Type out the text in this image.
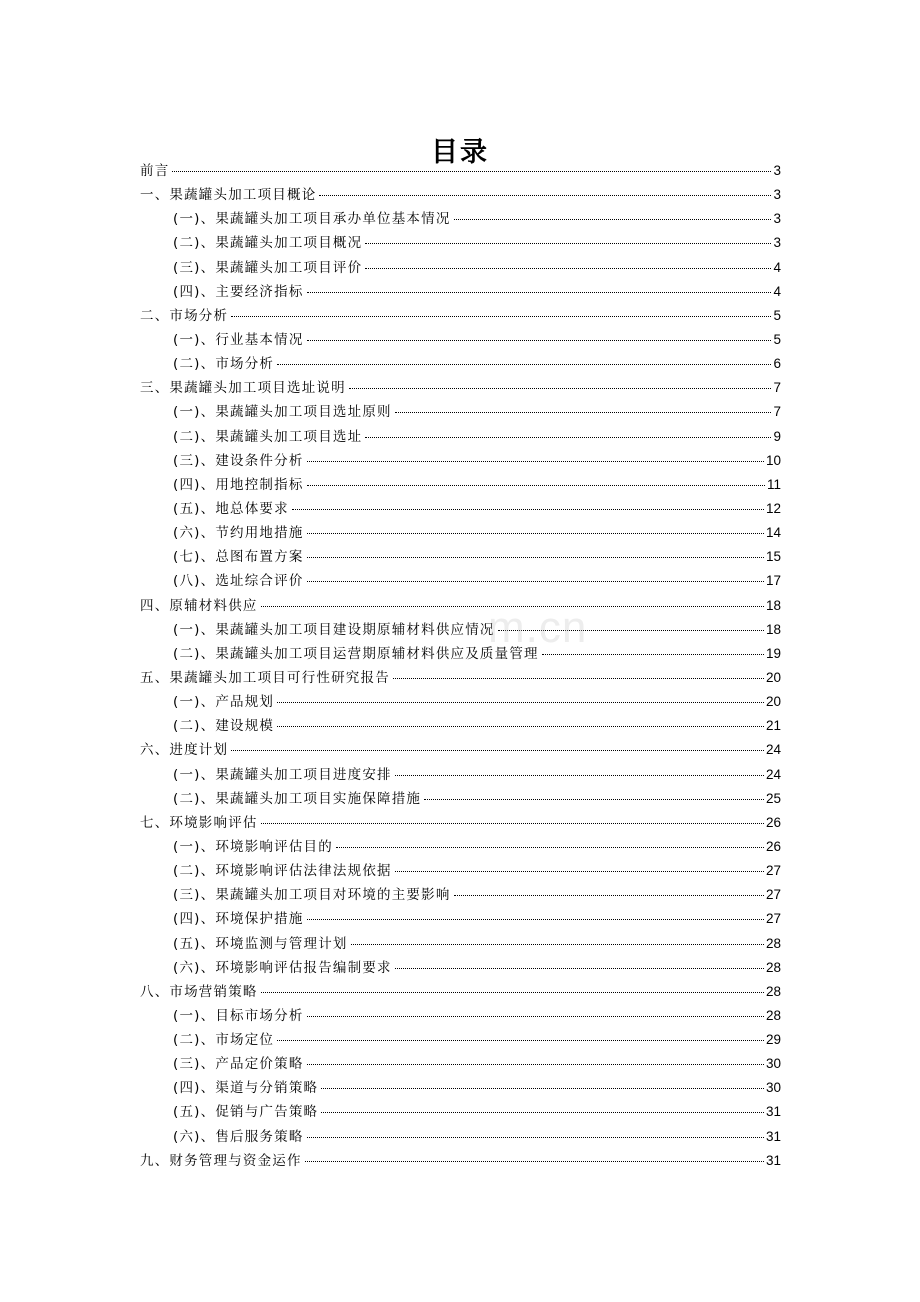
目录
前言	3
一、果蔬罐头加工项目概论	3
(一)、果蔬罐头加工项目承办单位基本情况	3
(二)、果蔬罐头加工项目概况	3
(三)、果蔬罐头加工项目评价	4
(四)、主要经济指标	4
二、市场分析	5
(一)、行业基本情况	5
(二)、市场分析	6
三、果蔬罐头加工项目选址说明	7
(一)、果蔬罐头加工项目选址原则	7
(二)、果蔬罐头加工项目选址	9
(三)、建设条件分析	10
(四)、用地控制指标	11
(五)、地总体要求	12
(六)、节约用地措施	14
(七)、总图布置方案	15
(八)、选址综合评价	17
四、原辅材料供应	18
(一)、果蔬罐头加工项目建设期原辅材料供应情况	18
(二)、果蔬罐头加工项目运营期原辅材料供应及质量管理	19
五、果蔬罐头加工项目可行性研究报告	20
(一)、产品规划	20
(二)、建设规模	21
六、进度计划	24
(一)、果蔬罐头加工项目进度安排	24
(二)、果蔬罐头加工项目实施保障措施	25
七、环境影响评估	26
(一)、环境影响评估目的	26
(二)、环境影响评估法律法规依据	27
(三)、果蔬罐头加工项目对环境的主要影响	27
(四)、环境保护措施	27
(五)、环境监测与管理计划	28
(六)、环境影响评估报告编制要求	28
八、市场营销策略	28
(一)、目标市场分析	28
(二)、市场定位	29
(三)、产品定价策略	30
(四)、渠道与分销策略	30
(五)、促销与广告策略	31
(六)、售后服务策略	31
九、财务管理与资金运作	31
m.cn
